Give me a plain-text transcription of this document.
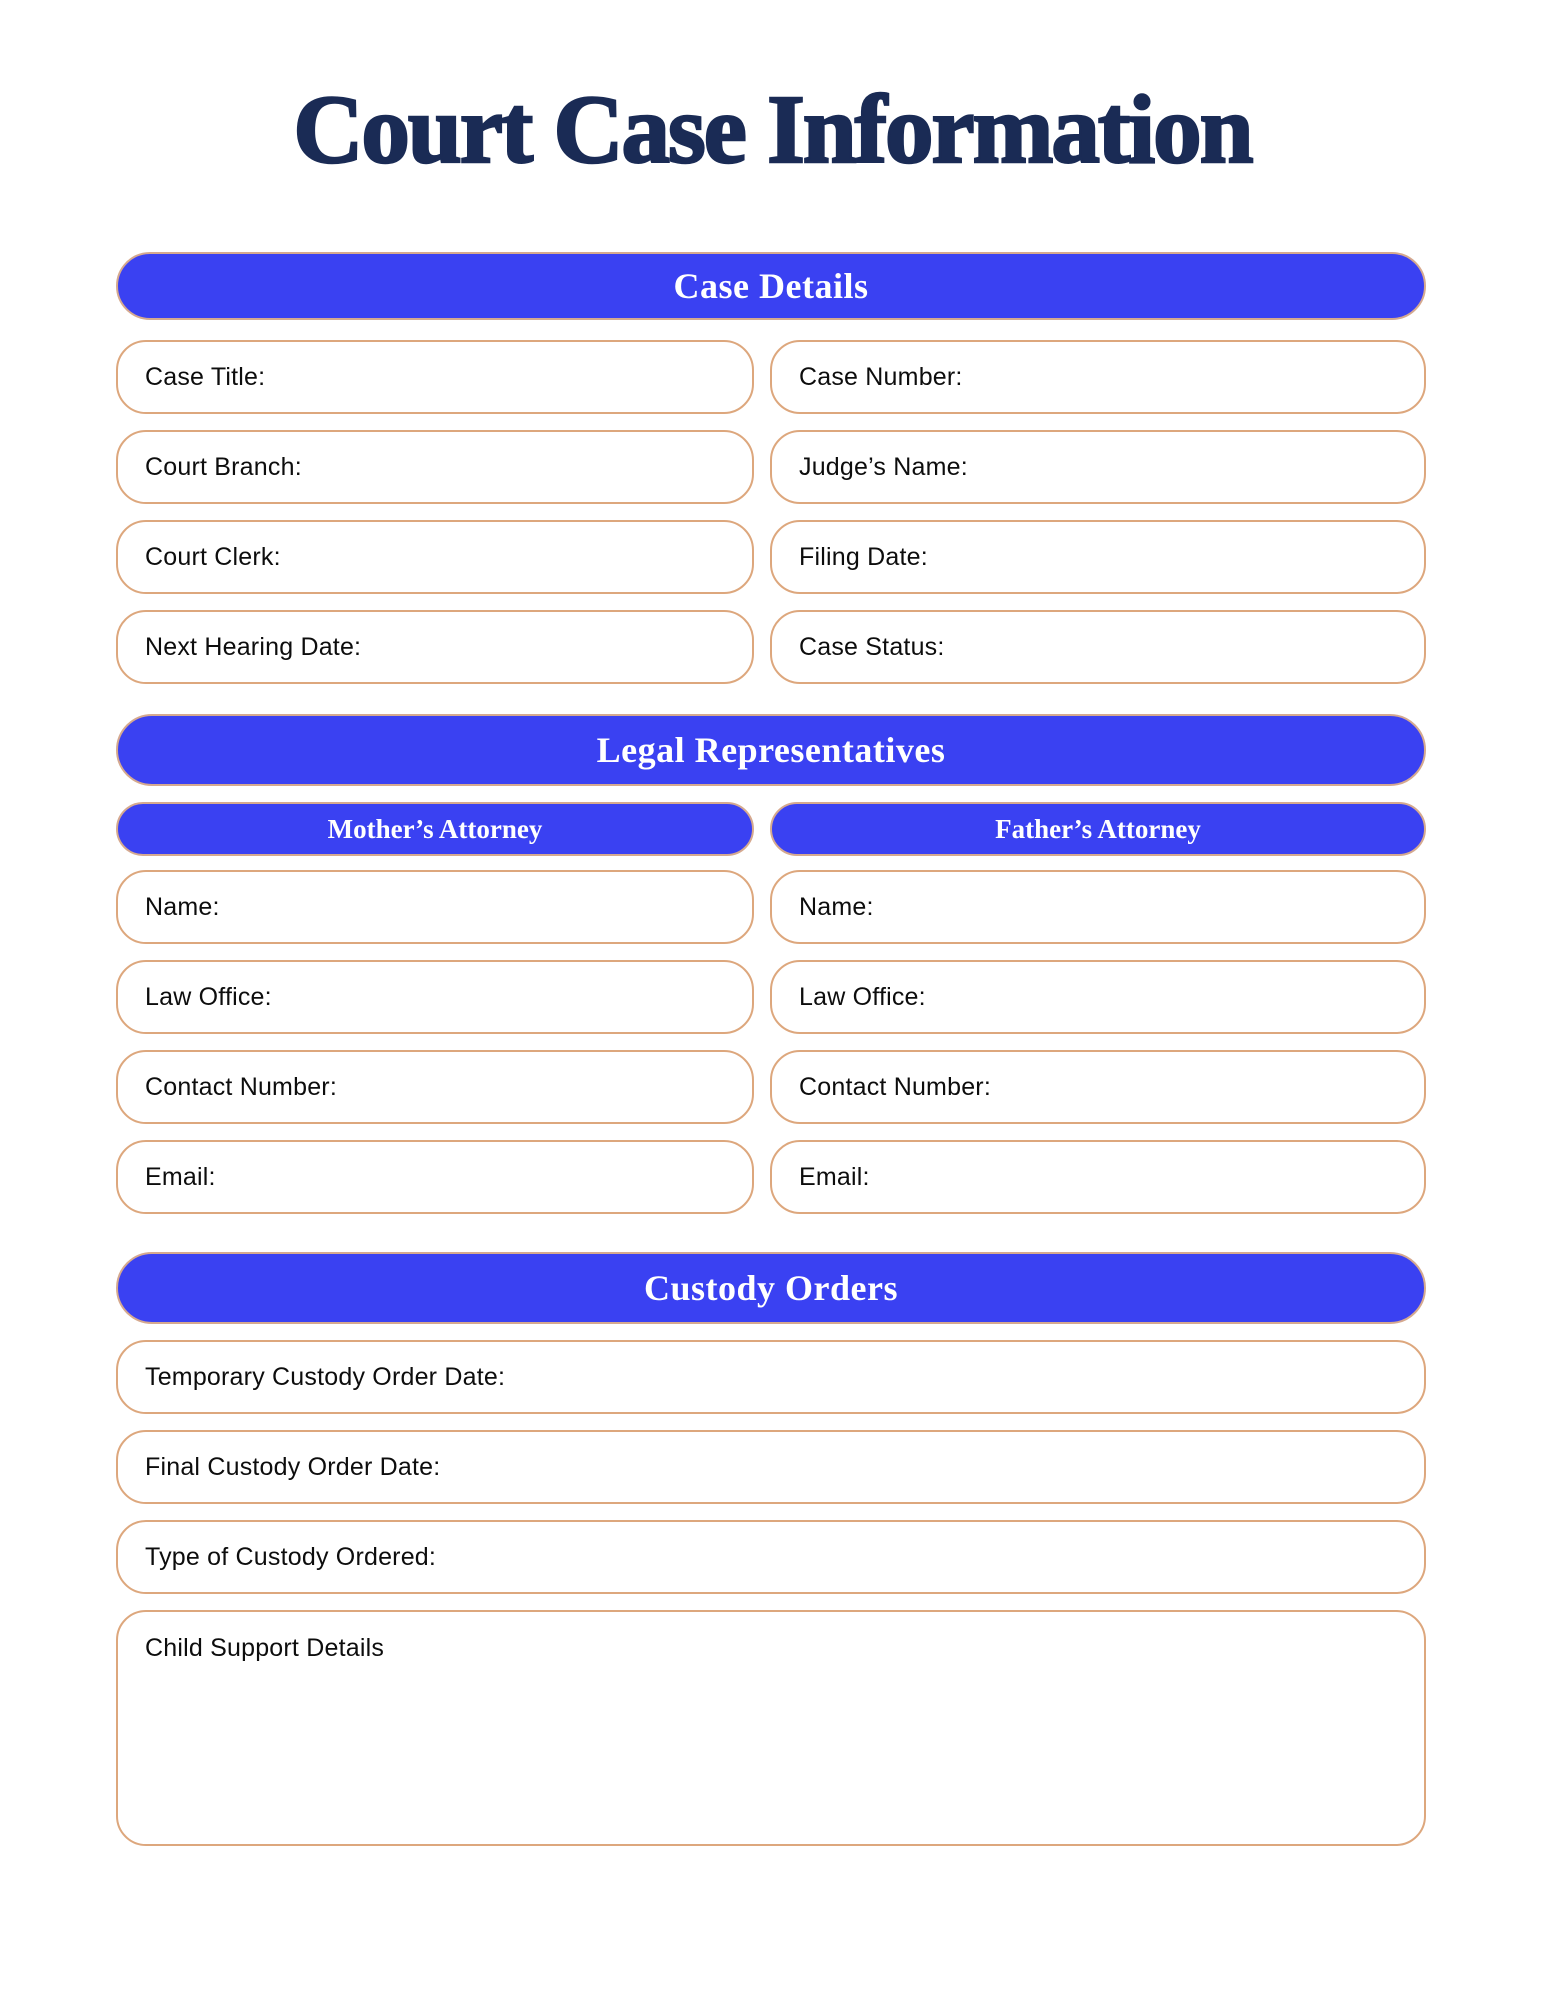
Court Case Information
Case Details
Case Title:	Case Number:
Court Branch:	Judge’s Name:
Court Clerk:	Filing Date:
Next Hearing Date:	Case Status:
Legal Representatives
Mother’s Attorney	Father’s Attorney
Name:	Name:
Law Office:	Law Office:
Contact Number:	Contact Number:
Email:	Email:
Custody Orders
Temporary Custody Order Date:
Final Custody Order Date:
Type of Custody Ordered:
Child Support Details
